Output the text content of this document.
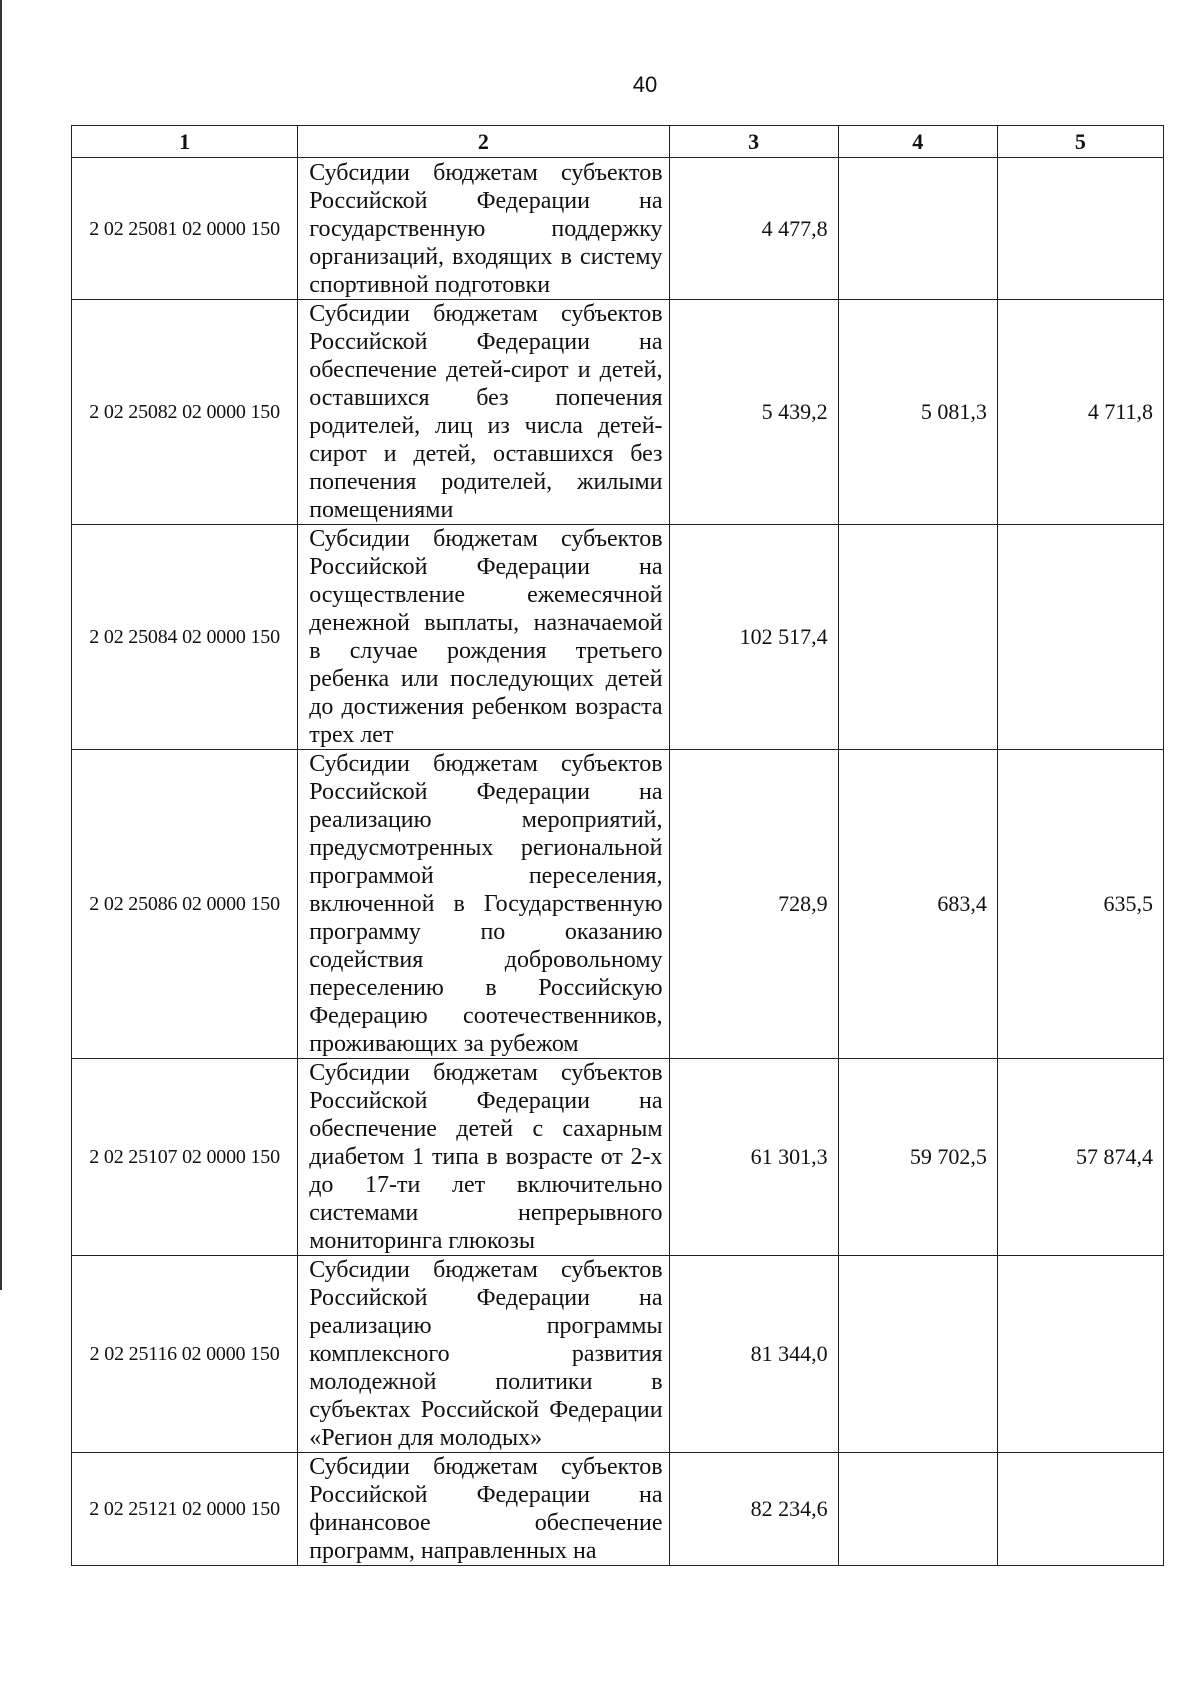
40
1	2	3	4	5
2 02 25081 02 0000 150	Субсидии бюджетам субъектов Российской Федерации на государственную поддержку организаций, входящих в систему спортивной подготовки	4 477,8		
2 02 25082 02 0000 150	Субсидии бюджетам субъектов Российской Федерации на обеспечение детей-сирот и детей, оставшихся без попечения родителей, лиц из числа детей-сирот и детей, оставшихся без попечения родителей, жилыми помещениями	5 439,2	5 081,3	4 711,8
2 02 25084 02 0000 150	Субсидии бюджетам субъектов Российской Федерации на осуществление ежемесячной денежной выплаты, назначаемой в случае рождения третьего ребенка или последующих детей до достижения ребенком возраста трех лет	102 517,4		
2 02 25086 02 0000 150	Субсидии бюджетам субъектов Российской Федерации на реализацию мероприятий, предусмотренных региональной программой переселения, включенной в Государственную программу по оказанию содействия добровольному переселению в Российскую Федерацию соотечественников, проживающих за рубежом	728,9	683,4	635,5
2 02 25107 02 0000 150	Субсидии бюджетам субъектов Российской Федерации на обеспечение детей с сахарным диабетом 1 типа в возрасте от 2-х до 17-ти лет включительно системами непрерывного мониторинга глюкозы	61 301,3	59 702,5	57 874,4
2 02 25116 02 0000 150	Субсидии бюджетам субъектов Российской Федерации на реализацию программы комплексного развития молодежной политики в субъектах Российской Федерации «Регион для молодых»	81 344,0		
2 02 25121 02 0000 150	Субсидии бюджетам субъектов Российской Федерации на финансовое обеспечение программ, направленных на	82 234,6		
